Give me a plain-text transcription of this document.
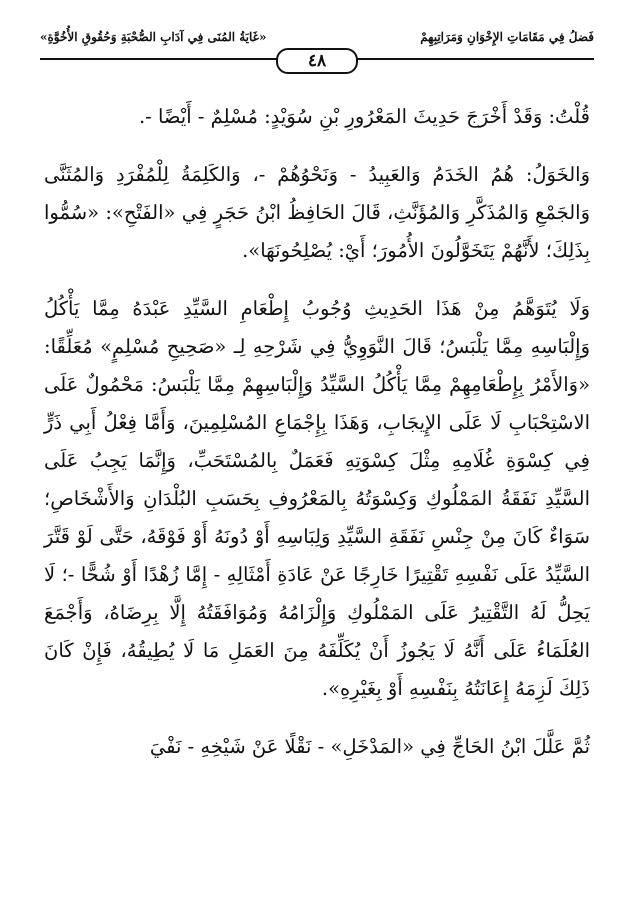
فَضلُ فِي مَقَامَاتِ الإِخْوَانِ وَمَرَاتِبِهِمْ
«غَايَةُ المُنَى فِي آدَابِ الصُّحْبَةِ وَحُقُوقِ الأُخُوَّةِ»
٤٨

قُلْتُ: وَقَدْ أَخْرَجَ حَدِيثَ المَعْرُورِ بْنِ سُوَيْدٍ: مُسْلِمٌ - أَيْضًا -.

وَالخَوَلُ: هُمُ الخَدَمُ وَالعَبِيدُ - وَنَحْوُهُمْ -، وَالكَلِمَةُ لِلْمُفْرَدِ وَالمُثَنَّى وَالجَمْعِ وَالمُذَكَّرِ وَالمُؤَنَّثِ، قَالَ الحَافِظُ ابْنُ حَجَرٍ فِي «الفَتْحِ»: «سُمُّوا بِذَلِكَ؛ لأَنَّهُمْ يَتَخَوَّلُونَ الأُمُورَ؛ أَيْ: يُصْلِحُونَهَا».

وَلَا يُتَوَهَّمُ مِنْ هَذَا الحَدِيثِ وُجُوبُ إِطْعَامِ السَّيِّدِ عَبْدَهُ مِمَّا يَأْكُلُ وَإِلْبَاسِهِ مِمَّا يَلْبَسُ؛ قَالَ النَّوَوِيُّ فِي شَرْحِهِ لِـ «صَحِيحِ مُسْلِمٍ» مُعَلِّقًا: «وَالأَمْرُ بِإِطْعَامِهِمْ مِمَّا يَأْكُلُ السَّيِّدُ وَإِلْبَاسِهِمْ مِمَّا يَلْبَسُ: مَحْمُولٌ عَلَى الاسْتِحْبَابِ لَا عَلَى الإِيجَابِ، وَهَذَا بِإِجْمَاعِ المُسْلِمِينَ، وَأَمَّا فِعْلُ أَبِي ذَرٍّ فِي كِسْوَةِ غُلَامِهِ مِثْلَ كِسْوَتِهِ فَعَمَلٌ بِالمُسْتَحَبِّ، وَإِنَّمَا يَجِبُ عَلَى السَّيِّدِ نَفَقَةُ المَمْلُوكِ وَكِسْوَتُهُ بِالمَعْرُوفِ بِحَسَبِ البُلْدَانِ وَالأَشْخَاصِ؛ سَوَاءٌ كَانَ مِنْ جِنْسِ نَفَقَةِ السَّيِّدِ وَلِبَاسِهِ أَوْ دُونَهُ أَوْ فَوْقَهُ، حَتَّى لَوْ قَتَّرَ السَّيِّدُ عَلَى نَفْسِهِ تَقْتِيرًا خَارِجًا عَنْ عَادَةِ أَمْثَالِهِ - إِمَّا زُهْدًا أَوْ شُحًّا -؛ لَا يَحِلُّ لَهُ التَّقْتِيرُ عَلَى المَمْلُوكِ وَإِلْزَامُهُ وَمُوَافَقَتُهُ إِلَّا بِرِضَاهُ، وَأَجْمَعَ العُلَمَاءُ عَلَى أَنَّهُ لَا يَجُوزُ أَنْ يُكَلِّفَهُ مِنَ العَمَلِ مَا لَا يُطِيقُهُ، فَإِنْ كَانَ ذَلِكَ لَزِمَهُ إِعَانَتُهُ بِنَفْسِهِ أَوْ بِغَيْرِهِ».

ثُمَّ عَلَّلَ ابْنُ الحَاجِّ فِي «المَدْخَلِ» - نَقْلًا عَنْ شَيْخِهِ - نَفْيَ
